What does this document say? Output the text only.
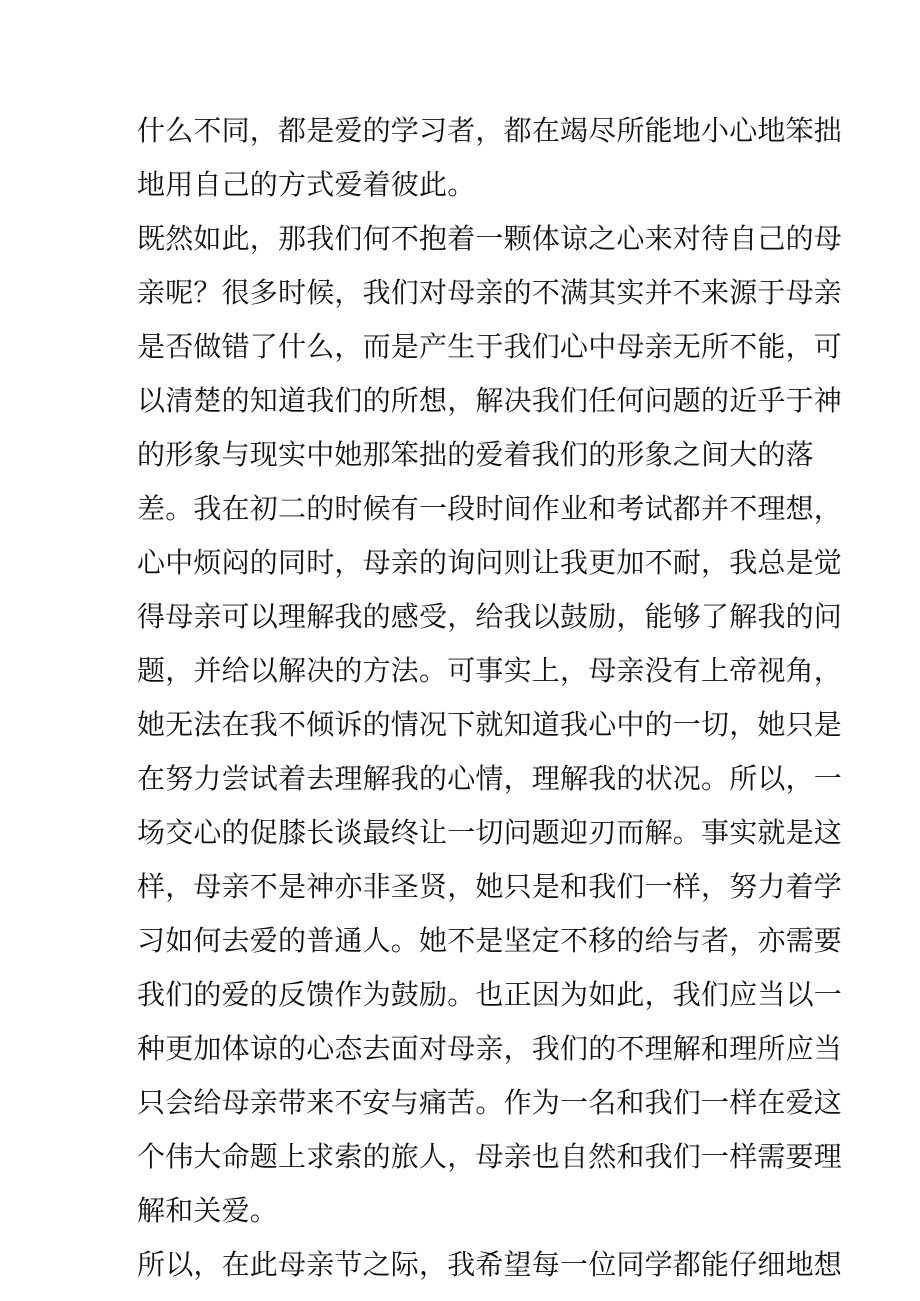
什么不同，都是爱的学习者，都在竭尽所能地小心地笨拙
地用自己的方式爱着彼此。
既然如此，那我们何不抱着一颗体谅之心来对待自己的母
亲呢？很多时候，我们对母亲的不满其实并不来源于母亲
是否做错了什么，而是产生于我们心中母亲无所不能，可
以清楚的知道我们的所想，解决我们任何问题的近乎于神
的形象与现实中她那笨拙的爱着我们的形象之间大的落
差。我在初二的时候有一段时间作业和考试都并不理想，
心中烦闷的同时，母亲的询问则让我更加不耐，我总是觉
得母亲可以理解我的感受，给我以鼓励，能够了解我的问
题，并给以解决的方法。可事实上，母亲没有上帝视角，
她无法在我不倾诉的情况下就知道我心中的一切，她只是
在努力尝试着去理解我的心情，理解我的状况。所以，一
场交心的促膝长谈最终让一切问题迎刃而解。事实就是这
样，母亲不是神亦非圣贤，她只是和我们一样，努力着学
习如何去爱的普通人。她不是坚定不移的给与者，亦需要
我们的爱的反馈作为鼓励。也正因为如此，我们应当以一
种更加体谅的心态去面对母亲，我们的不理解和理所应当
只会给母亲带来不安与痛苦。作为一名和我们一样在爱这
个伟大命题上求索的旅人，母亲也自然和我们一样需要理
解和关爱。
所以，在此母亲节之际，我希望每一位同学都能仔细地想
